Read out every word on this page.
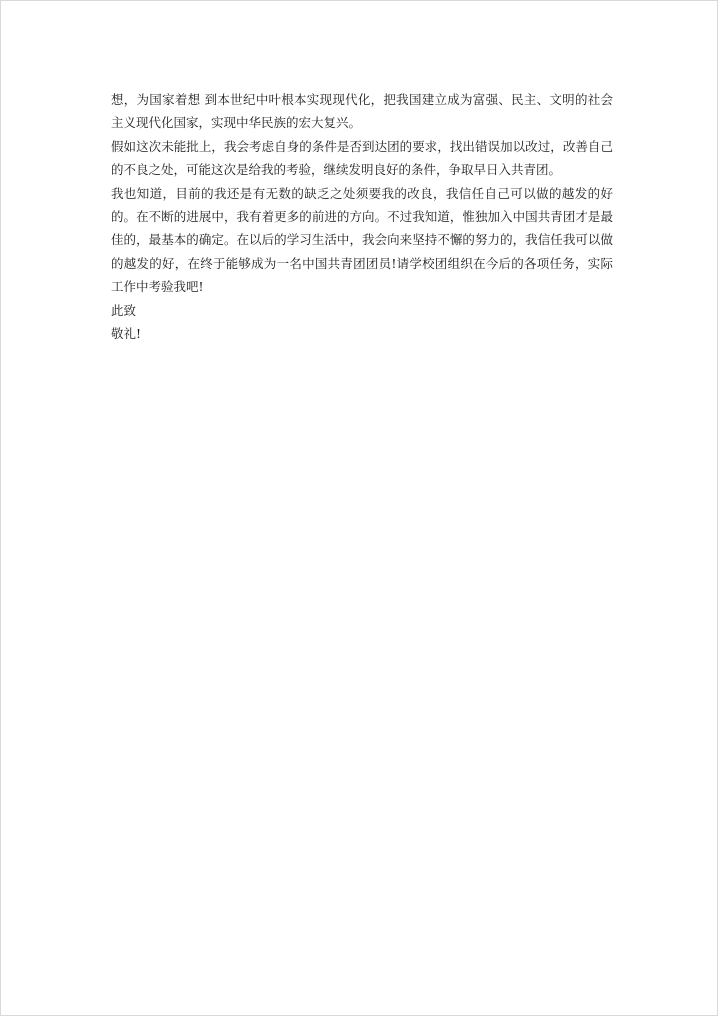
想，为国家着想 到本世纪中叶根本实现现代化，把我国建立成为富强、民主、文明的社会主义现代化国家，实现中华民族的宏大复兴。

假如这次未能批上，我会考虑自身的条件是否到达团的要求，找出错误加以改过，改善自己的不良之处，可能这次是给我的考验，继续发明良好的条件，争取早日入共青团。

我也知道，目前的我还是有无数的缺乏之处须要我的改良，我信任自己可以做的越发的好的。在不断的进展中，我有着更多的前进的方向。不过我知道，惟独加入中国共青团才是最佳的，最基本的确定。在以后的学习生活中，我会向来坚持不懈的努力的，我信任我可以做的越发的好，在终于能够成为一名中国共青团团员!请学校团组织在今后的各项任务，实际工作中考验我吧!

此致

敬礼!
